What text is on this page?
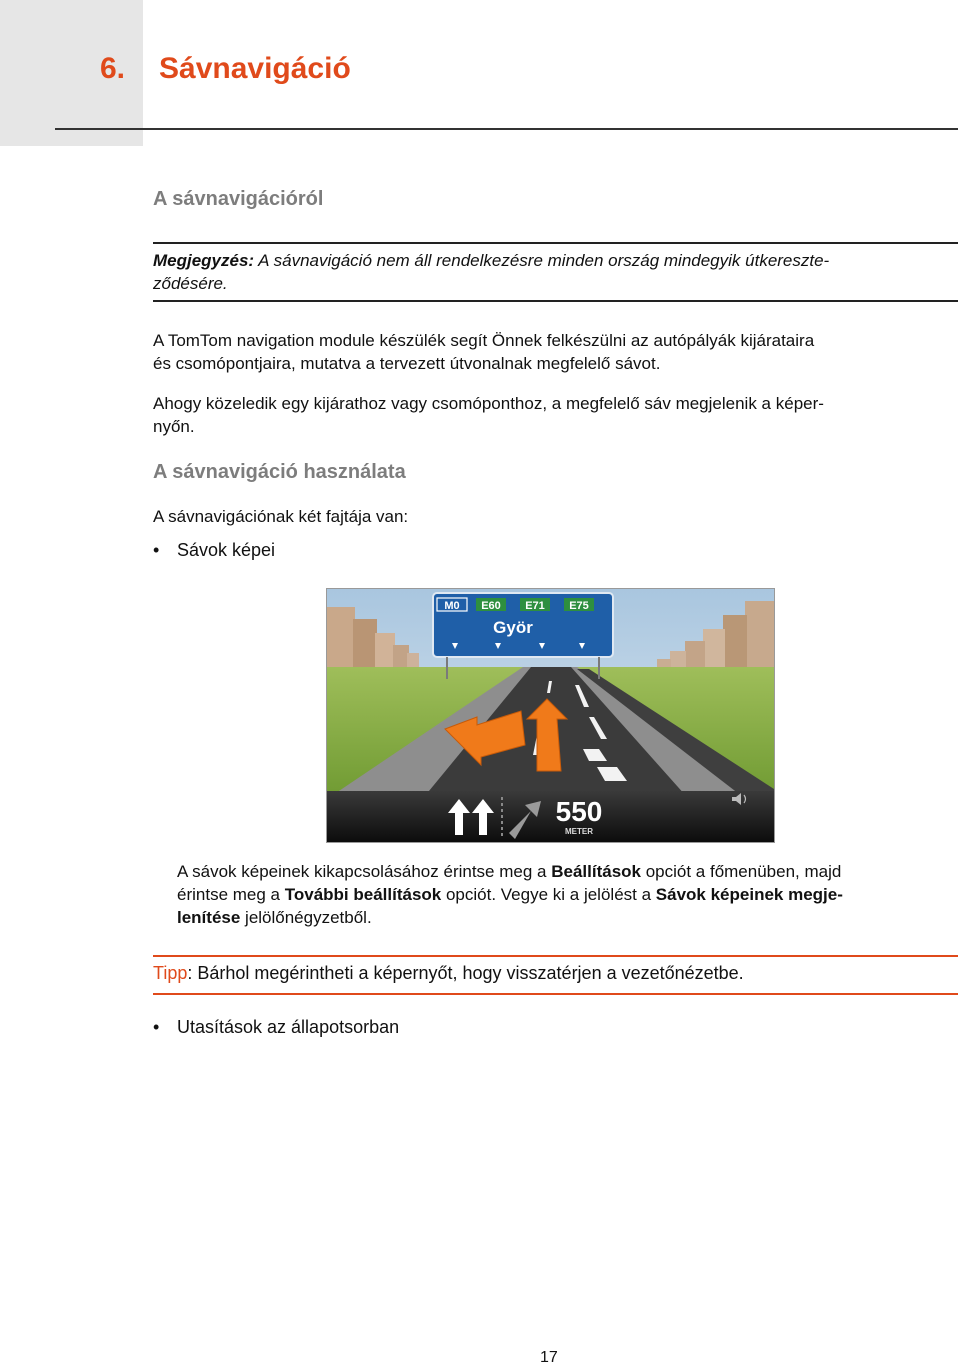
6. Sávnavigáció
A sávnavigációról
Megjegyzés: A sávnavigáció nem áll rendelkezésre minden ország mindegyik útkereszte-
ződésére.
A TomTom navigation module készülék segít Önnek felkészülni az autópályák kijárataira
és csomópontjaira, mutatva a tervezett útvonalnak megfelelő sávot.
Ahogy közeledik egy kijárathoz vagy csomóponthoz, a megfelelő sáv megjelenik a képer-
nyőn.
A sávnavigáció használata
A sávnavigációnak két fajtája van:
• Sávok képei
M0 E60 E71 E75
Györ
550
METER
A sávok képeinek kikapcsolásához érintse meg a Beállítások opciót a főmenüben, majd
érintse meg a További beállítások opciót. Vegye ki a jelölést a Sávok képeinek megje-
lenítése jelölőnégyzetből.
Tipp: Bárhol megérintheti a képernyőt, hogy visszatérjen a vezetőnézetbe.
• Utasítások az állapotsorban
17
